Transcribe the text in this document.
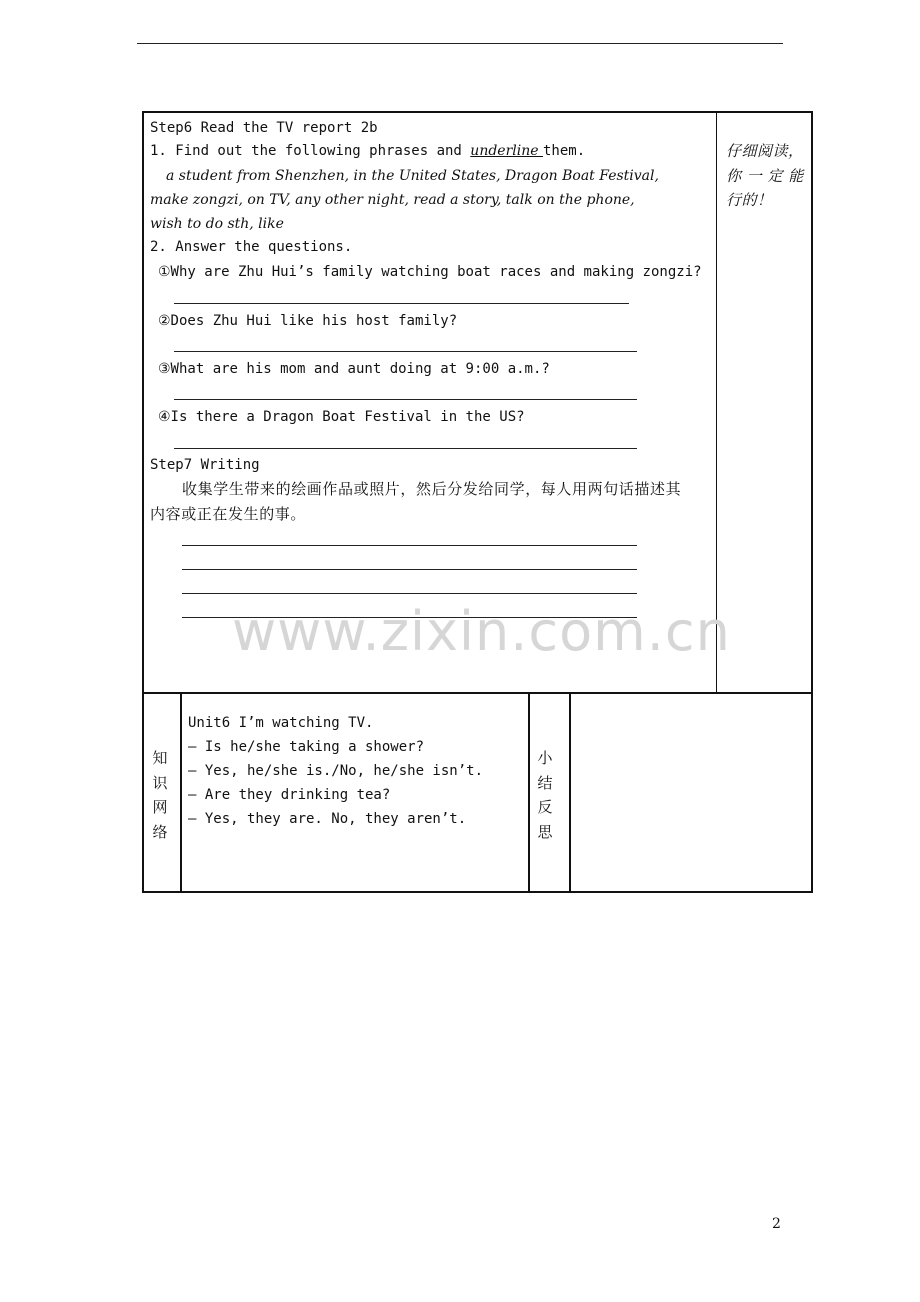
Step6 Read the TV report 2b
1. Find out the following phrases and underline them.
a student from Shenzhen, in the United States, Dragon Boat Festival,
make zongzi, on TV, any other night, read a story, talk on the phone,
wish to do sth, like
2. Answer the questions.
①Why are Zhu Hui’s family watching boat races and making zongzi?
②Does Zhu Hui like his host family?
③What are his mom and aunt doing at 9:00 a.m.?
④Is there a Dragon Boat Festival in the US?
Step7 Writing
收集学生带来的绘画作品或照片，然后分发给同学，每人用两句话描述其
内容或正在发生的事。
仔细阅读，
你 一 定 能
行的！
www.zixin.com.cn
知
识
网
络
Unit6 I’m watching TV.
— Is he/she taking a shower?
— Yes, he/she is./No, he/she isn’t.
— Are they drinking tea?
— Yes, they are. No, they aren’t.
小
结
反
思
2
